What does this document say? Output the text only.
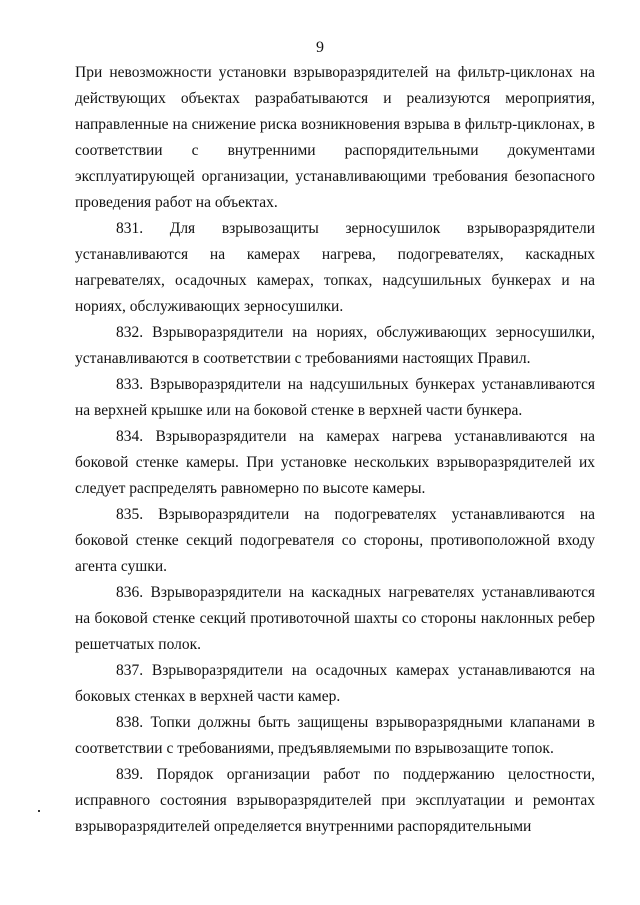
9

При невозможности установки взрыворазрядителей на фильтр-циклонах на действующих объектах разрабатываются и реализуются мероприятия, направленные на снижение риска возникновения взрыва в фильтр-циклонах, в соответствии с внутренними распорядительными документами эксплуатирующей организации, устанавливающими требования безопасного проведения работ на объектах.

831. Для взрывозащиты зерносушилок взрыворазрядители устанавливаются на камерах нагрева, подогревателях, каскадных нагревателях, осадочных камерах, топках, надсушильных бункерах и на нориях, обслуживающих зерносушилки.

832. Взрыворазрядители на нориях, обслуживающих зерносушилки, устанавливаются в соответствии с требованиями настоящих Правил.

833. Взрыворазрядители на надсушильных бункерах устанавливаются на верхней крышке или на боковой стенке в верхней части бункера.

834. Взрыворазрядители на камерах нагрева устанавливаются на боковой стенке камеры. При установке нескольких взрыворазрядителей их следует распределять равномерно по высоте камеры.

835. Взрыворазрядители на подогревателях устанавливаются на боковой стенке секций подогревателя со стороны, противоположной входу агента сушки.

836. Взрыворазрядители на каскадных нагревателях устанавливаются на боковой стенке секций противоточной шахты со стороны наклонных ребер решетчатых полок.

837. Взрыворазрядители на осадочных камерах устанавливаются на боковых стенках в верхней части камер.

838. Топки должны быть защищены взрыворазрядными клапанами в соответствии с требованиями, предъявляемыми по взрывозащите топок.

839. Порядок организации работ по поддержанию целостности, исправного состояния взрыворазрядителей при эксплуатации и ремонтах взрыворазрядителей определяется внутренними распорядительными
